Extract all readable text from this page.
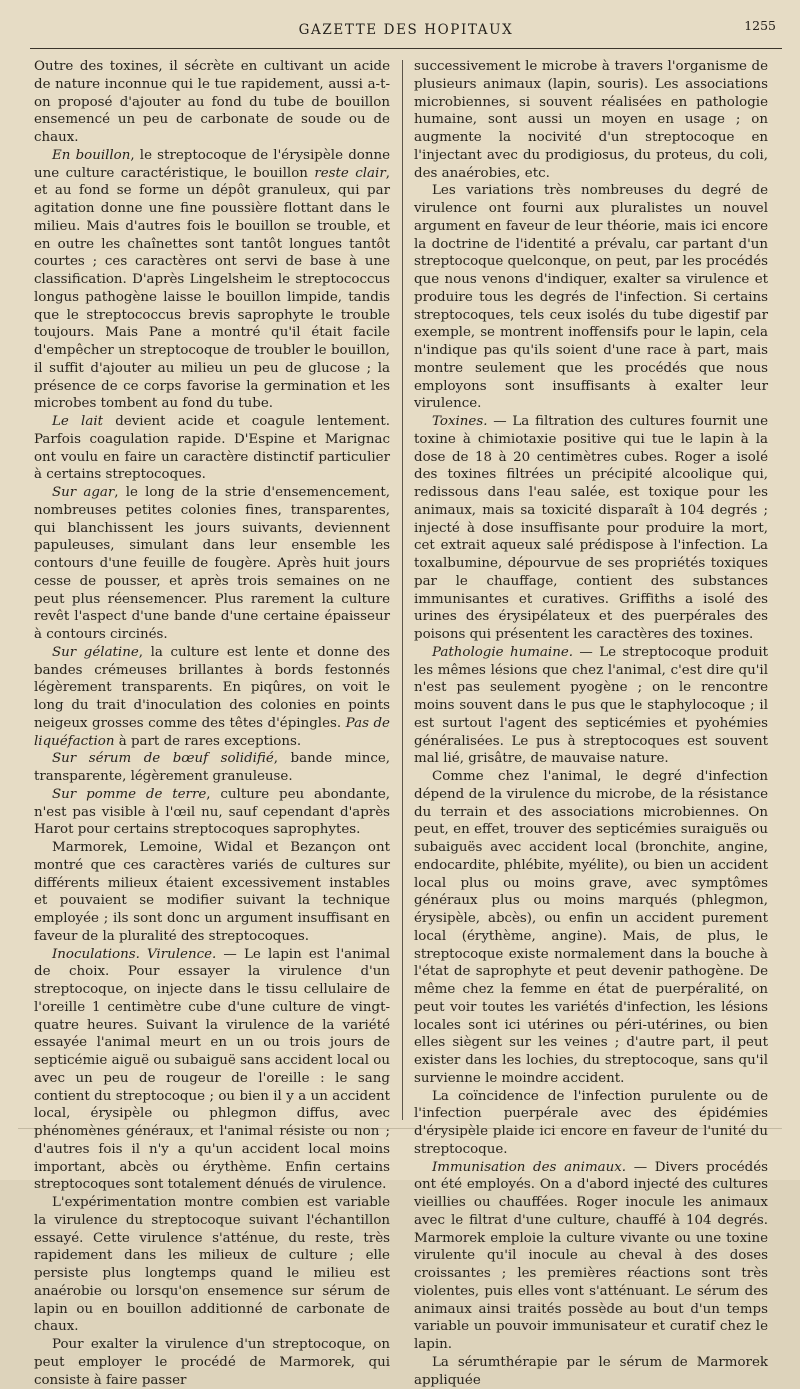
GAZETTE DES HOPITAUX	1255

Outre des toxines, il sécrète en cultivant un acide de nature inconnue qui le tue rapidement, aussi a-t-on proposé d'ajouter au fond du tube de bouillon ensemencé un peu de carbonate de soude ou de chaux.

En bouillon, le streptocoque de l'érysipèle donne une culture caractéristique, le bouillon reste clair, et au fond se forme un dépôt granuleux, qui par agitation donne une fine poussière flottant dans le milieu. Mais d'autres fois le bouillon se trouble, et en outre les chaînettes sont tantôt longues tantôt courtes ; ces caractères ont servi de base à une classification. D'après Lingelsheim le streptococcus longus pathogène laisse le bouillon limpide, tandis que le streptococcus brevis saprophyte le trouble toujours. Mais Pane a montré qu'il était facile d'empêcher un streptocoque de troubler le bouillon, il suffit d'ajouter au milieu un peu de glucose ; la présence de ce corps favorise la germination et les microbes tombent au fond du tube.

Le lait devient acide et coagule lentement. Parfois coagulation rapide. D'Espine et Marignac ont voulu en faire un caractère distinctif particulier à certains streptocoques.

Sur agar, le long de la strie d'ensemencement, nombreuses petites colonies fines, transparentes, qui blanchissent les jours suivants, deviennent papuleuses, simulant dans leur ensemble les contours d'une feuille de fougère. Après huit jours cesse de pousser, et après trois semaines on ne peut plus réensemencer. Plus rarement la culture revêt l'aspect d'une bande d'une certaine épaisseur à contours circinés.

Sur gélatine, la culture est lente et donne des bandes crémeuses brillantes à bords festonnés légèrement transparents. En piqûres, on voit le long du trait d'inoculation des colonies en points neigeux grosses comme des têtes d'épingles. Pas de liquéfaction à part de rares exceptions.

Sur sérum de bœuf solidifié, bande mince, transparente, légèrement granuleuse.

Sur pomme de terre, culture peu abondante, n'est pas visible à l'œil nu, sauf cependant d'après Harot pour certains streptocoques saprophytes.

Marmorek, Lemoine, Widal et Bezançon ont montré que ces caractères variés de cultures sur différents milieux étaient excessivement instables et pouvaient se modifier suivant la technique employée ; ils sont donc un argument insuffisant en faveur de la pluralité des streptocoques.

Inoculations. Virulence. — Le lapin est l'animal de choix. Pour essayer la virulence d'un streptocoque, on injecte dans le tissu cellulaire de l'oreille 1 centimètre cube d'une culture de vingt-quatre heures. Suivant la virulence de la variété essayée l'animal meurt en un ou trois jours de septicémie aiguë ou subaiguë sans accident local ou avec un peu de rougeur de l'oreille : le sang contient du streptocoque ; ou bien il y a un accident local, érysipèle ou phlegmon diffus, avec phénomènes généraux, et l'animal résiste ou non ; d'autres fois il n'y a qu'un accident local moins important, abcès ou érythème. Enfin certains streptocoques sont totalement dénués de virulence.

L'expérimentation montre combien est variable la virulence du streptocoque suivant l'échantillon essayé. Cette virulence s'atténue, du reste, très rapidement dans les milieux de culture ; elle persiste plus longtemps quand le milieu est anaérobie ou lorsqu'on ensemence sur sérum de lapin ou en bouillon additionné de carbonate de chaux.

Pour exalter la virulence d'un streptocoque, on peut employer le procédé de Marmorek, qui consiste à faire passer

successivement le microbe à travers l'organisme de plusieurs animaux (lapin, souris). Les associations microbiennes, si souvent réalisées en pathologie humaine, sont aussi un moyen en usage ; on augmente la nocivité d'un streptocoque en l'injectant avec du prodigiosus, du proteus, du coli, des anaérobies, etc.

Les variations très nombreuses du degré de virulence ont fourni aux pluralistes un nouvel argument en faveur de leur théorie, mais ici encore la doctrine de l'identité a prévalu, car partant d'un streptocoque quelconque, on peut, par les procédés que nous venons d'indiquer, exalter sa virulence et produire tous les degrés de l'infection. Si certains streptocoques, tels ceux isolés du tube digestif par exemple, se montrent inoffensifs pour le lapin, cela n'indique pas qu'ils soient d'une race à part, mais montre seulement que les procédés que nous employons sont insuffisants à exalter leur virulence.

Toxines. — La filtration des cultures fournit une toxine à chimiotaxie positive qui tue le lapin à la dose de 18 à 20 centimètres cubes. Roger a isolé des toxines filtrées un précipité alcoolique qui, redissous dans l'eau salée, est toxique pour les animaux, mais sa toxicité disparaît à 104 degrés ; injecté à dose insuffisante pour produire la mort, cet extrait aqueux salé prédispose à l'infection. La toxalbumine, dépourvue de ses propriétés toxiques par le chauffage, contient des substances immunisantes et curatives. Griffiths a isolé des urines des érysipélateux et des puerpérales des poisons qui présentent les caractères des toxines.

Pathologie humaine. — Le streptocoque produit les mêmes lésions que chez l'animal, c'est dire qu'il n'est pas seulement pyogène ; on le rencontre moins souvent dans le pus que le staphylocoque ; il est surtout l'agent des septicémies et pyohémies généralisées. Le pus à streptocoques est souvent mal lié, grisâtre, de mauvaise nature.

Comme chez l'animal, le degré d'infection dépend de la virulence du microbe, de la résistance du terrain et des associations microbiennes. On peut, en effet, trouver des septicémies suraiguës ou subaiguës avec accident local (bronchite, angine, endocardite, phlébite, myélite), ou bien un accident local plus ou moins grave, avec symptômes généraux plus ou moins marqués (phlegmon, érysipèle, abcès), ou enfin un accident purement local (érythème, angine). Mais, de plus, le streptocoque existe normalement dans la bouche à l'état de saprophyte et peut devenir pathogène. De même chez la femme en état de puerpéralité, on peut voir toutes les variétés d'infection, les lésions locales sont ici utérines ou péri-utérines, ou bien elles siègent sur les veines ; d'autre part, il peut exister dans les lochies, du streptocoque, sans qu'il survienne le moindre accident.

La coïncidence de l'infection purulente ou de l'infection puerpérale avec des épidémies d'érysipèle plaide ici encore en faveur de l'unité du streptocoque.

Immunisation des animaux. — Divers procédés ont été employés. On a d'abord injecté des cultures vieillies ou chauffées. Roger inocule les animaux avec le filtrat d'une culture, chauffé à 104 degrés. Marmorek emploie la culture vivante ou une toxine virulente qu'il inocule au cheval à des doses croissantes ; les premières réactions sont très violentes, puis elles vont s'atténuant. Le sérum des animaux ainsi traités possède au bout d'un temps variable un pouvoir immunisateur et curatif chez le lapin.

La sérumthérapie par le sérum de Marmorek appliquée
